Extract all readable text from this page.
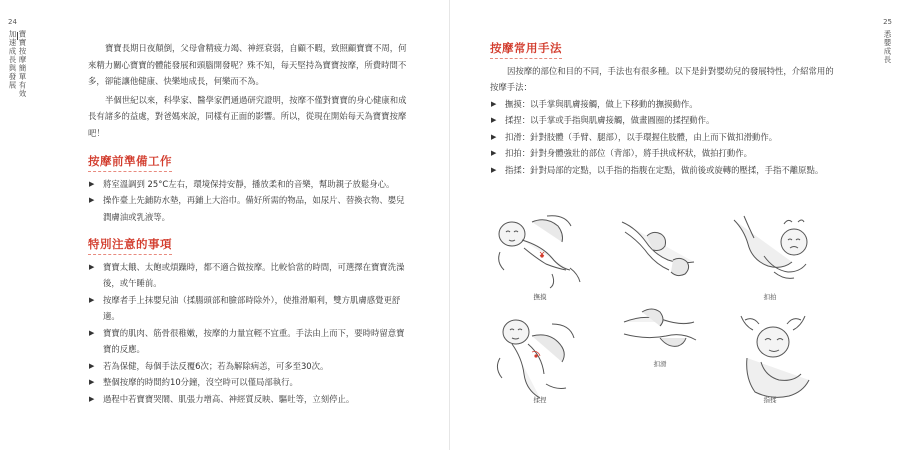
24
寶寶按摩簡單有效
加速成長與發展	寶寶長期日夜顛倒，父母會精疲力竭、神經衰弱，自顧不暇，致照顧寶寶不周，何來精力關心寶寶的體能發展和頭腦開發呢？殊不知，每天堅持為寶寶按摩，所費時間不多，卻能讓他健康、快樂地成長，何樂而不為。

半個世紀以來，科學家、醫學家們通過研究證明，按摩不僅對寶寶的身心健康和成長有諸多的益處，對爸媽來說，同樣有正面的影響。所以，從現在開始每天為寶寶按摩吧！

按摩前準備工作
▶ 將室溫調到 25°C左右，環境保持安靜，播放柔和的音樂，幫助親子放鬆身心。
▶ 操作臺上先鋪防水墊，再鋪上大浴巾。備好所需的物品，如尿片、替換衣物、嬰兒潤膚油或乳液等。
特別注意的事項
▶ 寶寶太餓、太飽或煩躁時，都不適合做按摩。比較恰當的時間，可選擇在寶寶洗澡後，或午睡前。
▶ 按摩者手上抹嬰兒油（揉腸頭部和臉部時除外），使推滑順利，雙方肌膚感覺更舒適。
▶ 寶寶的肌肉、筋骨很稚嫩，按摩的力量宜輕不宜重。手法由上而下，要時時留意寶寶的反應。
▶ 若為保健，每個手法反覆6次；若為解除病恙，可多至30次。
▶ 整個按摩的時間約10分鐘，沒空時可以僅局部執行。
▶ 過程中若寶寶哭鬧、肌張力增高、神經質反映、驅吐等，立刻停止。
25
悉嬰成長
按摩常用手法

因按摩的部位和目的不同，手法也有很多種。以下是針對嬰幼兒的發展特性，介紹常用的按摩手法：

▶ 撫摸：以手掌與肌膚接觸，做上下移動的撫摸動作。
▶ 揉捏：以手掌或手指與肌膚接觸，做畫圓圈的揉捏動作。
▶ 扣滑：針對肢體（手臂、腿部），以手環握住肢體，由上而下做扣滑動作。
▶ 扣拍：針對身體強壯的部位（背部），將手拱成杯狀，做拍打動作。
▶ 指揉：針對局部的定點，以手指的指腹在定點，做前後或旋轉的壓揉，手指不離原點。
撫摸	扣拍
扣滑
揉捏	指揉
